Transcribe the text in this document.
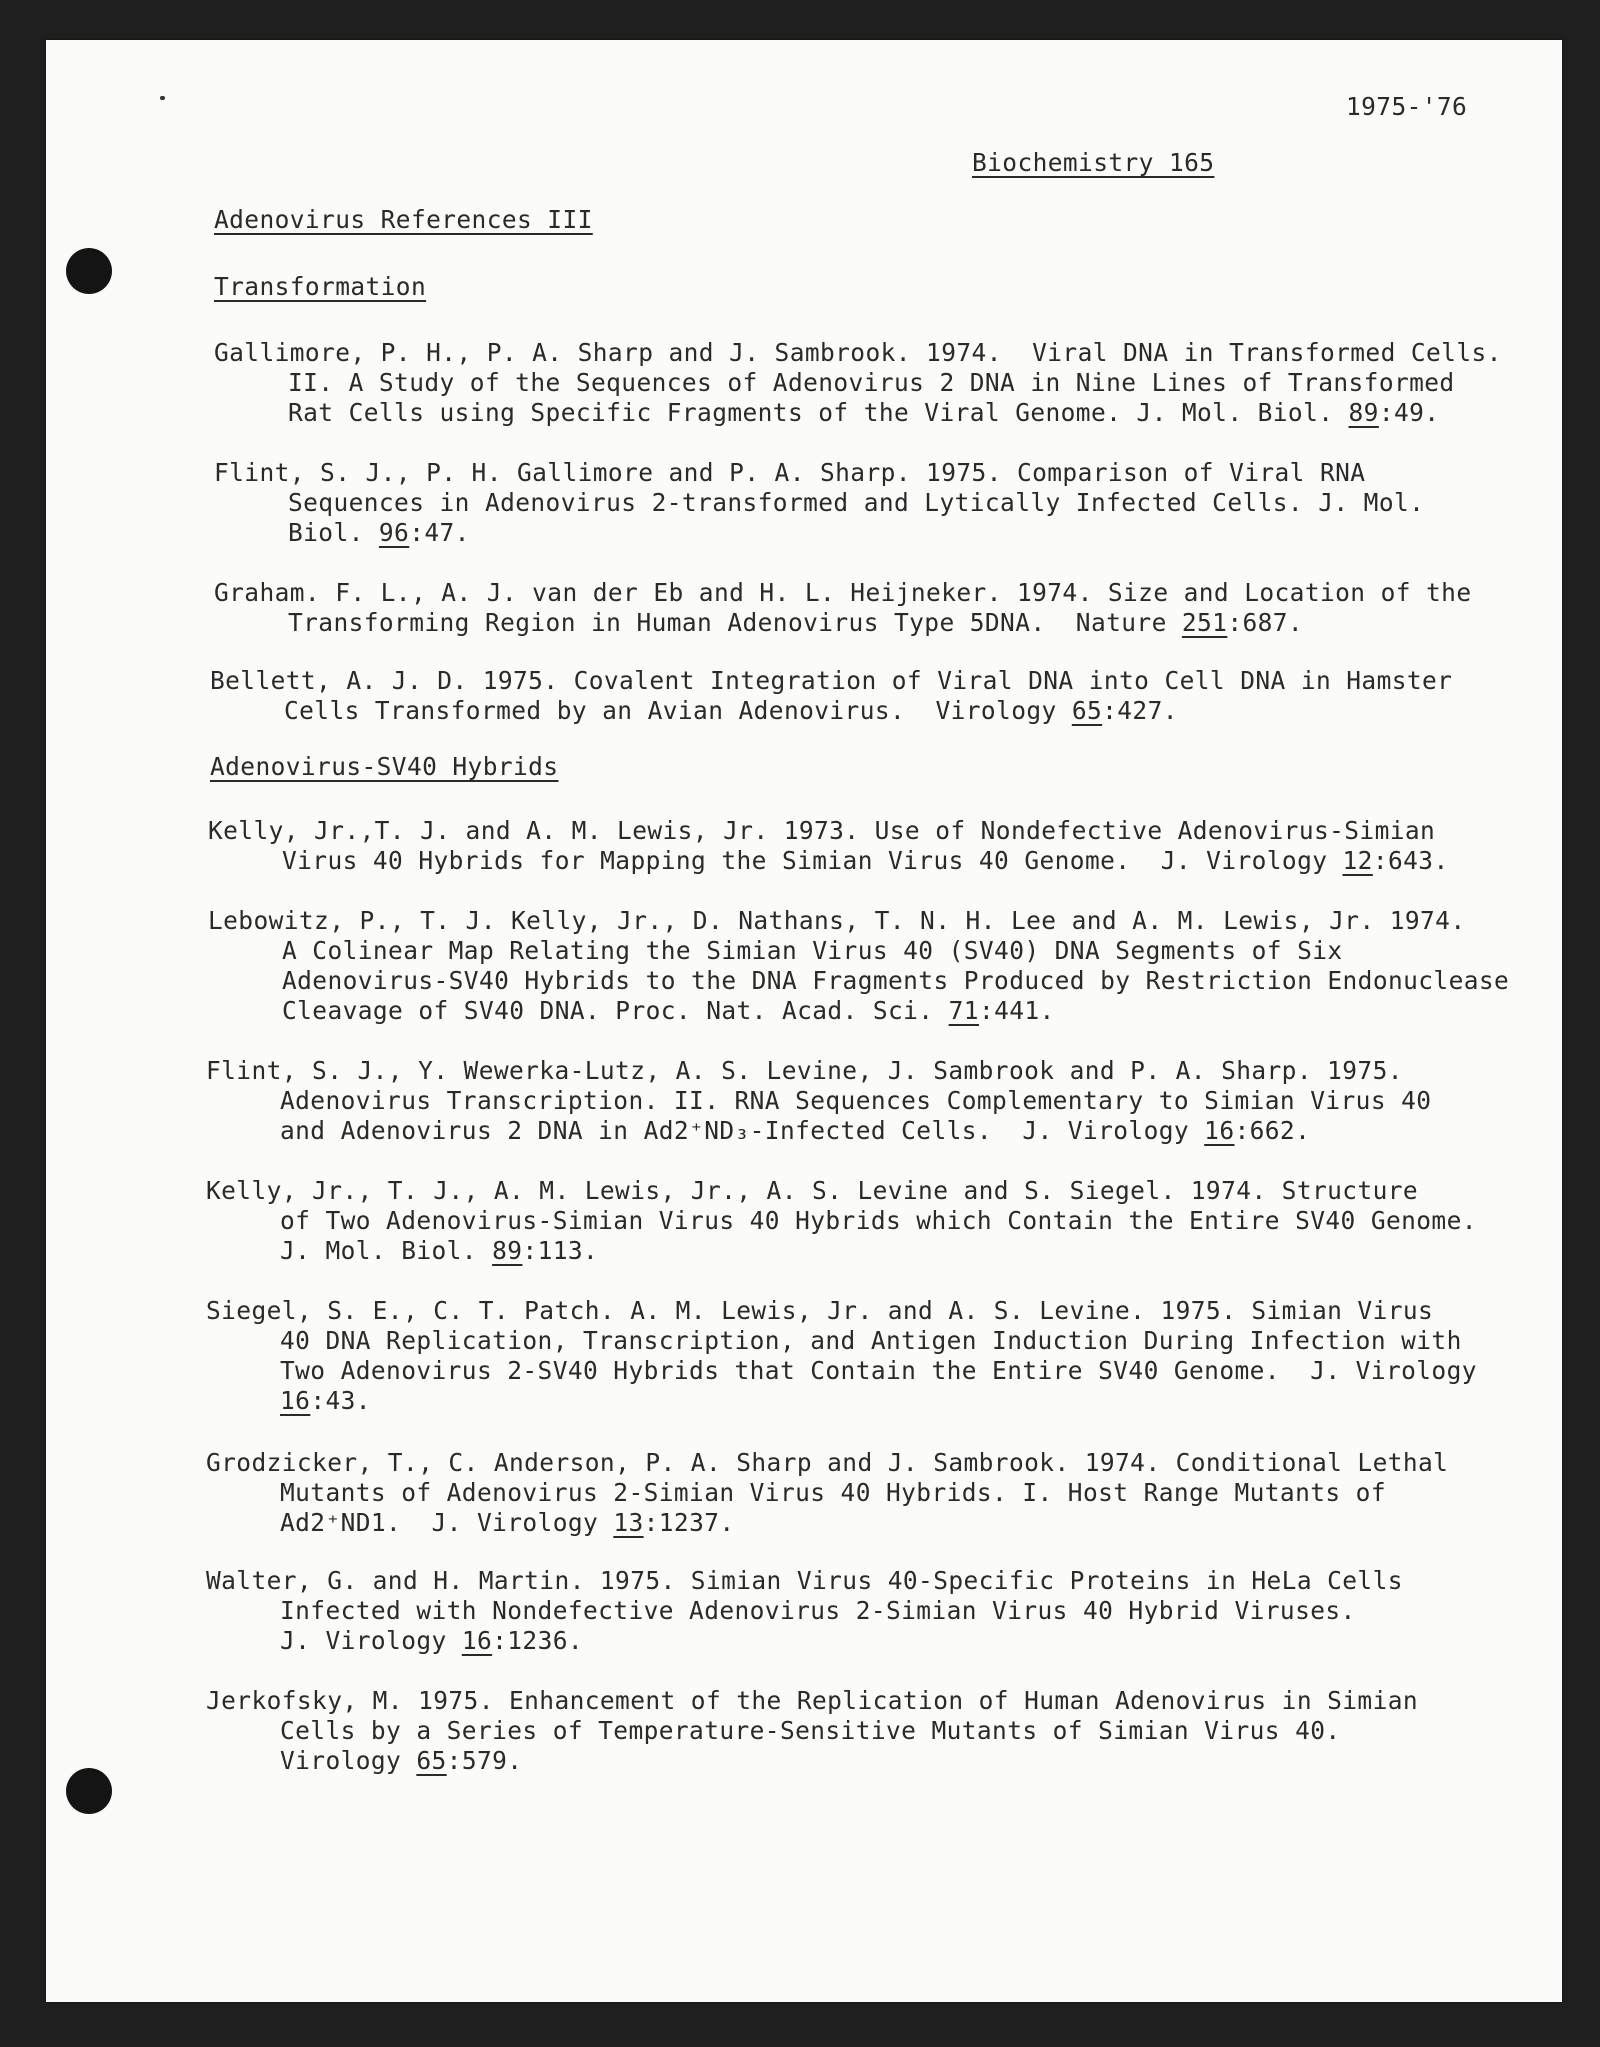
1975-'76
Biochemistry 165
Adenovirus References III
Transformation
Gallimore, P. H., P. A. Sharp and J. Sambrook. 1974.  Viral DNA in Transformed Cells.
II. A Study of the Sequences of Adenovirus 2 DNA in Nine Lines of Transformed
Rat Cells using Specific Fragments of the Viral Genome. J. Mol. Biol. 89:49.
Flint, S. J., P. H. Gallimore and P. A. Sharp. 1975. Comparison of Viral RNA
Sequences in Adenovirus 2-transformed and Lytically Infected Cells. J. Mol.
Biol. 96:47.
Graham. F. L., A. J. van der Eb and H. L. Heijneker. 1974. Size and Location of the
Transforming Region in Human Adenovirus Type 5DNA.  Nature 251:687.
Bellett, A. J. D. 1975. Covalent Integration of Viral DNA into Cell DNA in Hamster
Cells Transformed by an Avian Adenovirus.  Virology 65:427.
Adenovirus-SV40 Hybrids
Kelly, Jr.,T. J. and A. M. Lewis, Jr. 1973. Use of Nondefective Adenovirus-Simian
Virus 40 Hybrids for Mapping the Simian Virus 40 Genome.  J. Virology 12:643.
Lebowitz, P., T. J. Kelly, Jr., D. Nathans, T. N. H. Lee and A. M. Lewis, Jr. 1974.
A Colinear Map Relating the Simian Virus 40 (SV40) DNA Segments of Six
Adenovirus-SV40 Hybrids to the DNA Fragments Produced by Restriction Endonuclease
Cleavage of SV40 DNA. Proc. Nat. Acad. Sci. 71:441.
Flint, S. J., Y. Wewerka-Lutz, A. S. Levine, J. Sambrook and P. A. Sharp. 1975.
Adenovirus Transcription. II. RNA Sequences Complementary to Simian Virus 40
and Adenovirus 2 DNA in Ad2⁺ND₃-Infected Cells.  J. Virology 16:662.
Kelly, Jr., T. J., A. M. Lewis, Jr., A. S. Levine and S. Siegel. 1974. Structure
of Two Adenovirus-Simian Virus 40 Hybrids which Contain the Entire SV40 Genome.
J. Mol. Biol. 89:113.
Siegel, S. E., C. T. Patch. A. M. Lewis, Jr. and A. S. Levine. 1975. Simian Virus
40 DNA Replication, Transcription, and Antigen Induction During Infection with
Two Adenovirus 2-SV40 Hybrids that Contain the Entire SV40 Genome.  J. Virology
16:43.
Grodzicker, T., C. Anderson, P. A. Sharp and J. Sambrook. 1974. Conditional Lethal
Mutants of Adenovirus 2-Simian Virus 40 Hybrids. I. Host Range Mutants of
Ad2⁺ND1.  J. Virology 13:1237.
Walter, G. and H. Martin. 1975. Simian Virus 40-Specific Proteins in HeLa Cells
Infected with Nondefective Adenovirus 2-Simian Virus 40 Hybrid Viruses.
J. Virology 16:1236.
Jerkofsky, M. 1975. Enhancement of the Replication of Human Adenovirus in Simian
Cells by a Series of Temperature-Sensitive Mutants of Simian Virus 40.
Virology 65:579.
